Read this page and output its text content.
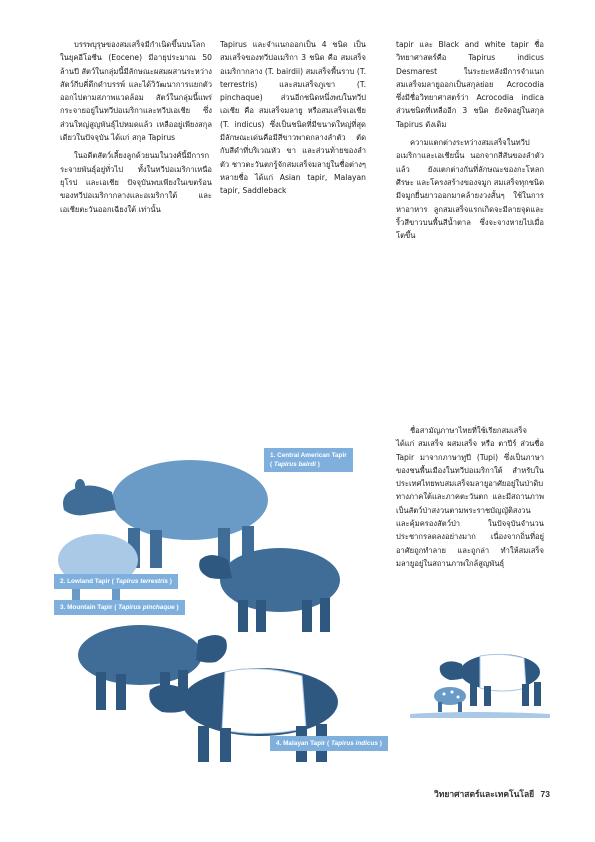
บรรพบุรุษของสมเสร็จมีกำเนิดขึ้นบนโลกในยุคอีโอซีน (Eocene) มีอายุประมาณ 50 ล้านปี สัตว์ในกลุ่มนี้มีลักษณะผสมผสานระหว่างสัตว์กีบคี่ดึกดำบรรพ์ และได้วิวัฒนาการแยกตัวออกไปตามสภาพแวดล้อม สัตว์ในกลุ่มนี้แพร่กระจายอยู่ในทวีปอเมริกาและทวีปเอเชีย ซึ่งส่วนใหญ่สูญพันธุ์ไปหมดแล้ว เหลืออยู่เพียงสกุลเดียวในปัจจุบัน ได้แก่ สกุล Tapirus

ในอดีตสัตว์เลี้ยงลูกด้วยนมในวงศ์นี้มีการกระจายพันธุ์อยู่ทั่วไป ทั้งในทวีปอเมริกาเหนือ ยุโรป และเอเชีย ปัจจุบันพบเพียงในเขตร้อนของทวีปอเมริกากลางและอเมริกาใต้ และเอเชียตะวันออกเฉียงใต้ เท่านั้น

Tapirus และจำแนกออกเป็น 4 ชนิด เป็นสมเสร็จของทวีปอเมริกา 3 ชนิด คือ สมเสร็จอเมริกากลาง (T. bairdii) สมเสร็จพื้นราบ (T. terrestris) และสมเสร็จภูเขา (T. pinchaque) ส่วนอีกชนิดหนึ่งพบในทวีปเอเชีย คือ สมเสร็จมลายู หรือสมเสร็จเอเชีย (T. indicus) ซึ่งเป็นชนิดที่มีขนาดใหญ่ที่สุด มีลักษณะเด่นคือมีสีขาวพาดกลางลำตัว ตัดกับสีดำที่บริเวณหัว ขา และส่วนท้ายของลำตัว ชาวตะวันตกรู้จักสมเสร็จมลายูในชื่อต่างๆ หลายชื่อ ได้แก่ Asian tapir, Malayan tapir, Saddleback

tapir และ Black and white tapir ชื่อวิทยาศาสตร์คือ Tapirus indicus Desmarest ในระยะหลังมีการจำแนกสมเสร็จมลายูออกเป็นสกุลย่อย Acrocodia ซึ่งมีชื่อวิทยาศาสตร์ว่า Acrocodia indica ส่วนชนิดที่เหลืออีก 3 ชนิด ยังจัดอยู่ในสกุล Tapirus ดังเดิม

ความแตกต่างระหว่างสมเสร็จในทวีปอเมริกาและเอเชียนั้น นอกจากสีสันของลำตัวแล้ว ยังแตกต่างกันที่ลักษณะของกะโหลกศีรษะ และโครงสร้างของจมูก สมเสร็จทุกชนิดมีจมูกยื่นยาวออกมาคล้ายงวงสั้นๆ ใช้ในการหาอาหาร ลูกสมเสร็จแรกเกิดจะมีลายจุดและริ้วสีขาวบนพื้นสีน้ำตาล ซึ่งจะจางหายไปเมื่อโตขึ้น

ชื่อสามัญภาษาไทยที่ใช้เรียกสมเสร็จ ได้แก่ สมเสร็จ ผสมเสร็จ หรือ ตาปีร์ ส่วนชื่อ Tapir มาจากภาษาทูปี (Tupi) ซึ่งเป็นภาษาของชนพื้นเมืองในทวีปอเมริกาใต้ สำหรับในประเทศไทยพบสมเสร็จมลายูอาศัยอยู่ในป่าดิบทางภาคใต้และภาคตะวันตก และมีสถานภาพเป็นสัตว์ป่าสงวนตามพระราชบัญญัติสงวนและคุ้มครองสัตว์ป่า ในปัจจุบันจำนวนประชากรลดลงอย่างมาก เนื่องจากถิ่นที่อยู่อาศัยถูกทำลาย และถูกล่า ทำให้สมเสร็จมลายูอยู่ในสถานภาพใกล้สูญพันธุ์

1. Central American Tapir
( Tapirus bairdi )
2. Lowland Tapir ( Tapirus terrestris )
3. Mountain Tapir ( Tapirus pinchaque )
4. Malayan Tapir ( Tapirus indicus )
วิทยาศาสตร์และเทคโนโลยี 73
